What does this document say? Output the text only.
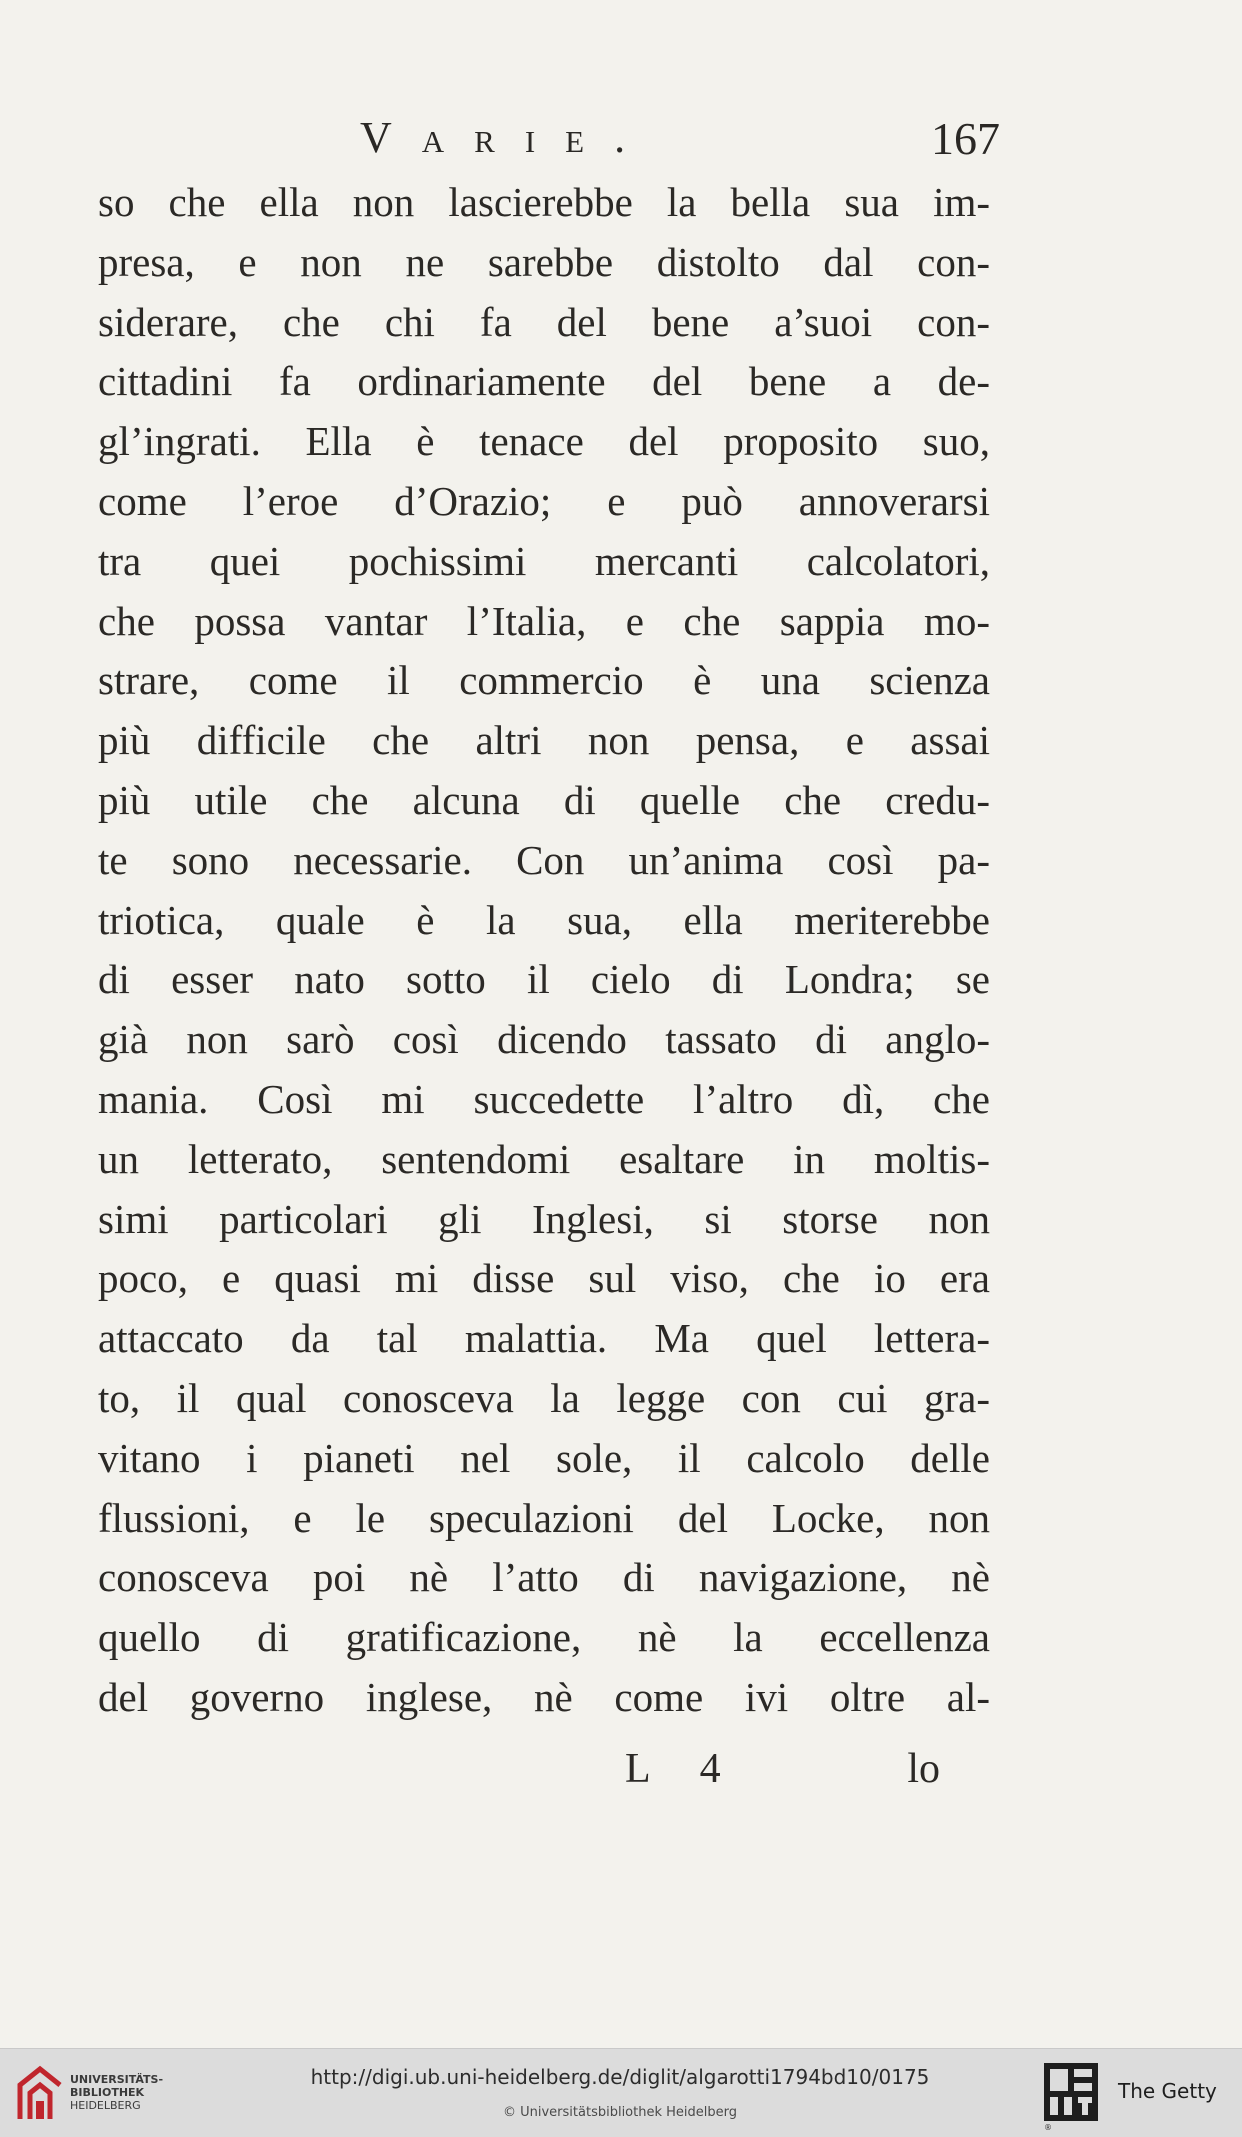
Varie.	167
so che ella non lascierebbe la bella sua im-
presa, e non ne sarebbe distolto dal con-
siderare, che chi fa del bene a’suoi con-
cittadini fa ordinariamente del bene a de-
gl’ingrati. Ella è tenace del proposito suo,
come l’eroe d’Orazio; e può annoverarsi
tra quei pochissimi mercanti calcolatori,
che possa vantar l’Italia, e che sappia mo-
strare, come il commercio è una scienza
più difficile che altri non pensa, e assai
più utile che alcuna di quelle che credu-
te sono necessarie. Con un’anima così pa-
triotica, quale è la sua, ella meriterebbe
di esser nato sotto il cielo di Londra; se
già non sarò così dicendo tassato di anglo-
mania. Così mi succedette l’altro dì, che
un letterato, sentendomi esaltare in moltis-
simi particolari gli Inglesi, si storse non
poco, e quasi mi disse sul viso, che io era
attaccato da tal malattia. Ma quel lettera-
to, il qual conosceva la legge con cui gra-
vitano i pianeti nel sole, il calcolo delle
flussioni, e le speculazioni del Locke, non
conosceva poi nè l’atto di navigazione, nè
quello di gratificazione, nè la eccellenza
del governo inglese, nè come ivi oltre al-
L 4	lo
UNIVERSITÄTS-
BIBLIOTHEK
HEIDELBERG
http://digi.ub.uni-heidelberg.de/diglit/algarotti1794bd10/0175
© Universitätsbibliothek Heidelberg
®
The Getty
